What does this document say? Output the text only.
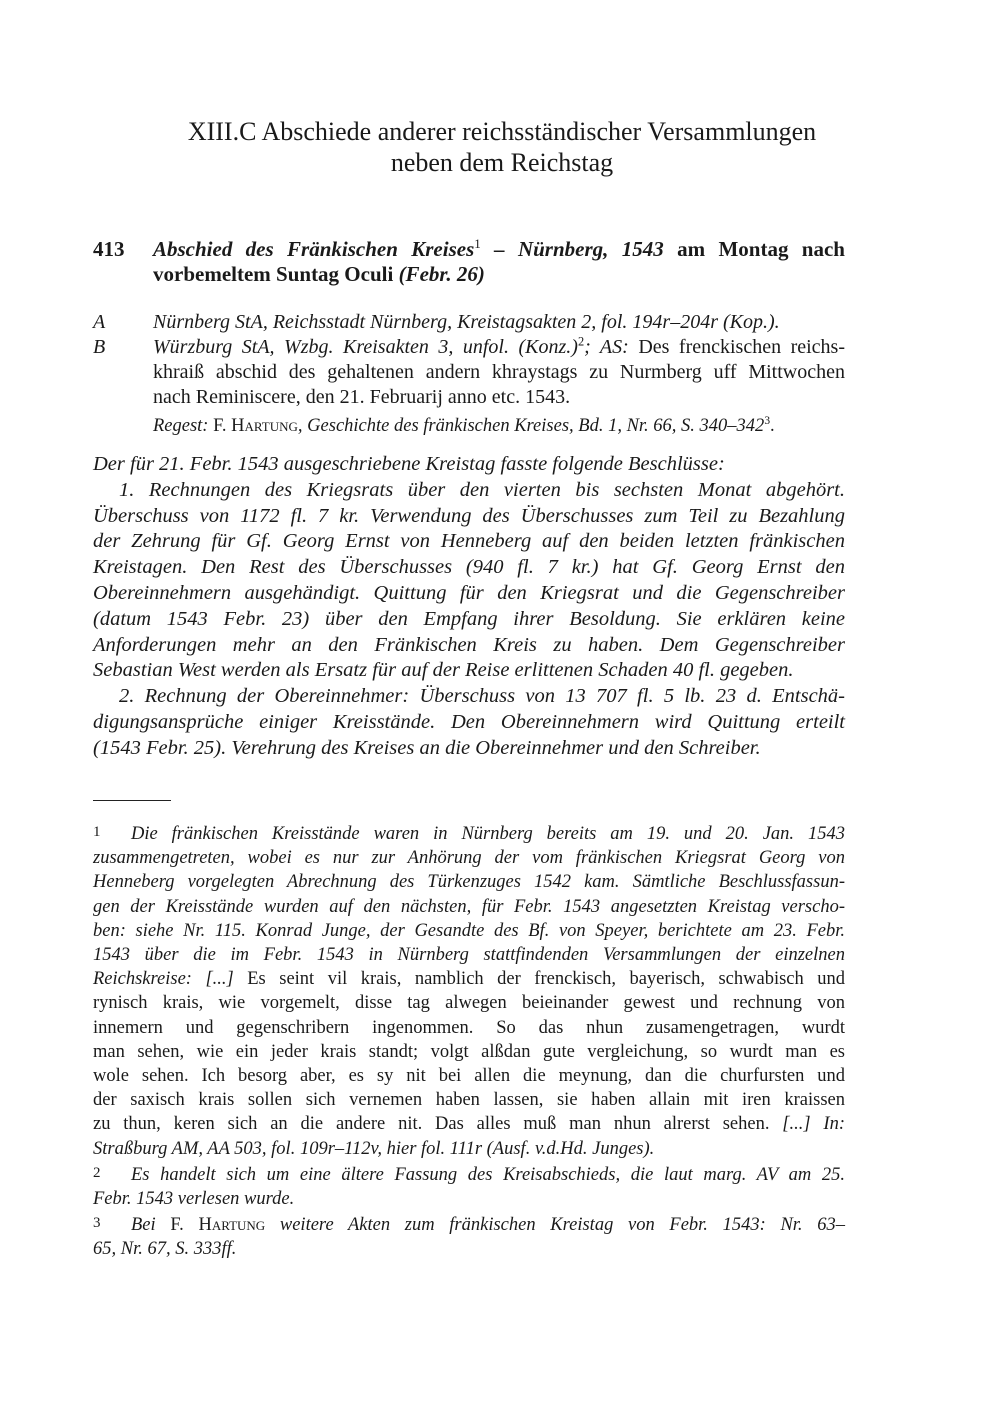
XIII.C Abschiede anderer reichsständischer Versammlungen
neben dem Reichstag
413 Abschied des Fränkischen Kreises$^1$ – Nürnberg, 1543 am Montag nach
vorbemeltem Suntag Oculi (Febr. 26)
A	Nürnberg StA, Reichsstadt Nürnberg, Kreistagsakten 2, fol. 194r–204r (Kop.).
B	Würzburg StA, Wzbg. Kreisakten 3, unfol. (Konz.)$^2$; AS: Des frenckischen reichs-
khraiß abschid des gehaltenen andern khraystags zu Nurmberg uff Mittwochen
nach Reminiscere, den 21. Februarij anno etc. 1543.
Regest: F. Hartung, Geschichte des fränkischen Kreises, Bd. 1, Nr. 66, S. $340-342^3$.
Der für 21. Febr. 1543 ausgeschriebene Kreistag fasste folgende Beschlüsse:
1. Rechnungen des Kriegsrats über den vierten bis sechsten Monat abgehört.
Überschuss von 1172 fl. 7 kr. Verwendung des Überschusses zum Teil zu Bezahlung
der Zehrung für Gf. Georg Ernst von Henneberg auf den beiden letzten fränkischen
Kreistagen. Den Rest des Überschusses (940 fl. 7 kr.) hat Gf. Georg Ernst den
Obereinnehmern ausgehändigt. Quittung für den Kriegsrat und die Gegenschreiber
(datum 1543 Febr. 23) über den Empfang ihrer Besoldung. Sie erklären keine
Anforderungen mehr an den Fränkischen Kreis zu haben. Dem Gegenschreiber
Sebastian West werden als Ersatz für auf der Reise erlittenen Schaden 40 fl. gegeben.
2. Rechnung der Obereinnehmer: Überschuss von 13 707 fl. 5 lb. 23 d. Entschä-
digungsansprüche einiger Kreisstände. Den Obereinnehmern wird Quittung erteilt
(1543 Febr. 25). Verehrung des Kreises an die Obereinnehmer und den Schreiber.
1 Die fränkischen Kreisstände waren in Nürnberg bereits am 19. und 20. Jan. 1543
zusammengetreten, wobei es nur zur Anhörung der vom fränkischen Kriegsrat Georg von
Henneberg vorgelegten Abrechnung des Türkenzuges 1542 kam. Sämtliche Beschlussfassun-
gen der Kreisstände wurden auf den nächsten, für Febr. 1543 angesetzten Kreistag verscho-
ben: siehe Nr. 115. Konrad Junge, der Gesandte des Bf. von Speyer, berichtete am 23. Febr.
1543 über die im Febr. 1543 in Nürnberg stattfindenden Versammlungen der einzelnen
Reichskreise: [...] Es seint vil krais, namblich der frenckisch, bayerisch, schwabisch und
rynisch krais, wie vorgemelt, disse tag alwegen beieinander gewest und rechnung von
innemern und gegenschribern ingenommen. So das nhun zusamengetragen, wurdt
man sehen, wie ein jeder krais standt; volgt alßdan gute vergleichung, so wurdt man es
wole sehen. Ich besorg aber, es sy nit bei allen die meynung, dan die churfursten und
der saxisch krais sollen sich vernemen haben lassen, sie haben allain mit iren kraissen
zu thun, keren sich an die andere nit. Das alles muß man nhun alrerst sehen. [...] In:
Straßburg AM, AA 503, fol. 109r–112v, hier fol. 111r (Ausf. v.d.Hd. Junges).
2 Es handelt sich um eine ältere Fassung des Kreisabschieds, die laut marg. AV am 25.
Febr. 1543 verlesen wurde.
3 Bei F. Hartung weitere Akten zum fränkischen Kreistag von Febr. 1543: Nr. 63–
65, Nr. 67, S. 333ff.
